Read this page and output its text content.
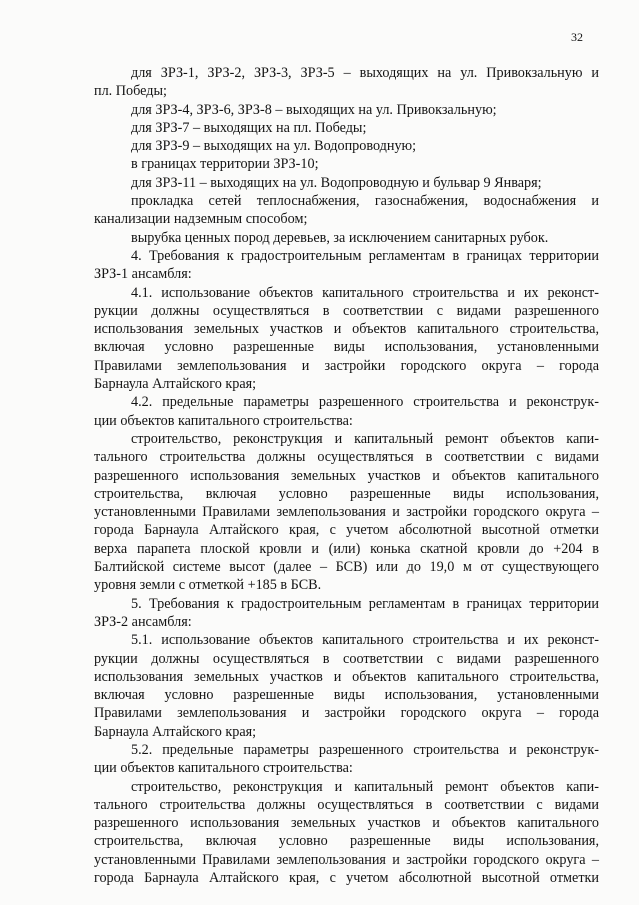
32
для ЗРЗ-1, ЗРЗ-2, ЗРЗ-3, ЗРЗ-5 – выходящих на ул. Привокзальную и
пл. Победы;
для ЗРЗ-4, ЗРЗ-6, ЗРЗ-8 – выходящих на ул. Привокзальную;
для ЗРЗ-7 – выходящих на пл. Победы;
для ЗРЗ-9 – выходящих на ул. Водопроводную;
в границах территории ЗРЗ-10;
для ЗРЗ-11 – выходящих на ул. Водопроводную и бульвар 9 Января;
прокладка сетей теплоснабжения, газоснабжения, водоснабжения и
канализации надземным способом;
вырубка ценных пород деревьев, за исключением санитарных рубок.
4. Требования к градостроительным регламентам в границах территории
ЗРЗ-1 ансамбля:
4.1. использование объектов капитального строительства и их реконст-
рукции должны осуществляться в соответствии с видами разрешенного
использования земельных участков и объектов капитального строительства,
включая условно разрешенные виды использования, установленными
Правилами землепользования и застройки городского округа – города
Барнаула Алтайского края;
4.2. предельные параметры разрешенного строительства и реконструк-
ции объектов капитального строительства:
строительство, реконструкция и капитальный ремонт объектов капи-
тального строительства должны осуществляться в соответствии с видами
разрешенного использования земельных участков и объектов капитального
строительства, включая условно разрешенные виды использования,
установленными Правилами землепользования и застройки городского округа –
города Барнаула Алтайского края, с учетом абсолютной высотной отметки
верха парапета плоской кровли и (или) конька скатной кровли до +204 в
Балтийской системе высот (далее – БСВ) или до 19,0 м от существующего
уровня земли с отметкой +185 в БСВ.
5. Требования к градостроительным регламентам в границах территории
ЗРЗ-2 ансамбля:
5.1. использование объектов капитального строительства и их реконст-
рукции должны осуществляться в соответствии с видами разрешенного
использования земельных участков и объектов капитального строительства,
включая условно разрешенные виды использования, установленными
Правилами землепользования и застройки городского округа – города
Барнаула Алтайского края;
5.2. предельные параметры разрешенного строительства и реконструк-
ции объектов капитального строительства:
строительство, реконструкция и капитальный ремонт объектов капи-
тального строительства должны осуществляться в соответствии с видами
разрешенного использования земельных участков и объектов капитального
строительства, включая условно разрешенные виды использования,
установленными Правилами землепользования и застройки городского округа –
города Барнаула Алтайского края, с учетом абсолютной высотной отметки
